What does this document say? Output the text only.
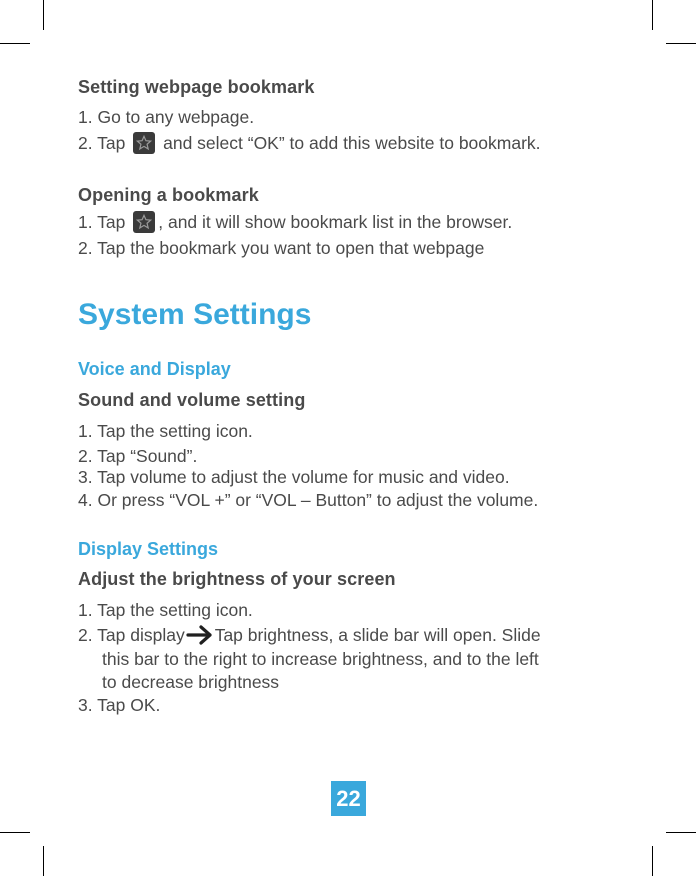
Setting webpage bookmark
1. Go to any webpage.
2. Tap and select “OK” to add this website to bookmark.
Opening a bookmark
1. Tap , and it will show bookmark list in the browser.
2. Tap the bookmark you want to open that webpage
System Settings
Voice and Display
Sound and volume setting
1. Tap the setting icon.
2. Tap “Sound”.
3. Tap volume to adjust the volume for music and video.
4. Or press “VOL +” or “VOL – Button” to adjust the volume.
Display Settings
Adjust the brightness of your screen
1. Tap the setting icon.
2. Tap display Tap brightness, a slide bar will open. Slide
this bar to the right to increase brightness, and to the left
to decrease brightness
3. Tap OK.
22
